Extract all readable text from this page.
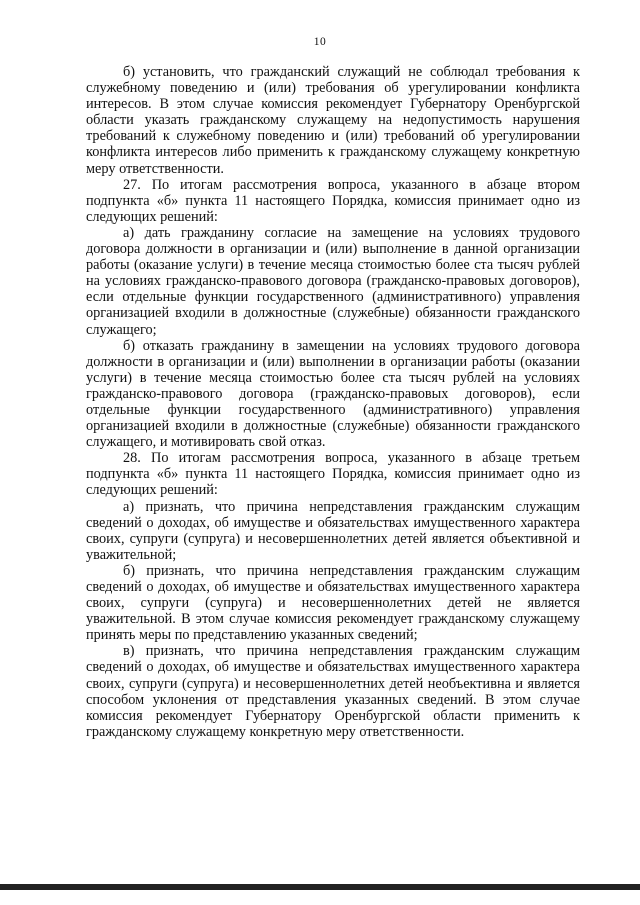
10

б) установить, что гражданский служащий не соблюдал требования к служебному поведению и (или) требования об урегулировании конфликта интересов. В этом случае комиссия рекомендует Губернатору Оренбургской области указать гражданскому служащему на недопустимость нарушения требований к служебному поведению и (или) требований об урегулировании конфликта интересов либо применить к гражданскому служащему конкретную меру ответственности.

27. По итогам рассмотрения вопроса, указанного в абзаце втором подпункта «б» пункта 11 настоящего Порядка, комиссия принимает одно из следующих решений:

а) дать гражданину согласие на замещение на условиях трудового договора должности в организации и (или) выполнение в данной организации работы (оказание услуги) в течение месяца стоимостью более ста тысяч рублей на условиях гражданско-правового договора (гражданско-правовых договоров), если отдельные функции государственного (административного) управления организацией входили в должностные (служебные) обязанности гражданского служащего;

б) отказать гражданину в замещении на условиях трудового договора должности в организации и (или) выполнении в организации работы (оказании услуги) в течение месяца стоимостью более ста тысяч рублей на условиях гражданско-правового договора (гражданско-правовых договоров), если отдельные функции государственного (административного) управления организацией входили в должностные (служебные) обязанности гражданского служащего, и мотивировать свой отказ.

28. По итогам рассмотрения вопроса, указанного в абзаце третьем подпункта «б» пункта 11 настоящего Порядка, комиссия принимает одно из следующих решений:

а) признать, что причина непредставления гражданским служащим сведений о доходах, об имуществе и обязательствах имущественного характера своих, супруги (супруга) и несовершеннолетних детей является объективной и уважительной;

б) признать, что причина непредставления гражданским служащим сведений о доходах, об имуществе и обязательствах имущественного характера своих, супруги (супруга) и несовершеннолетних детей не является уважительной. В этом случае комиссия рекомендует гражданскому служащему принять меры по представлению указанных сведений;

в) признать, что причина непредставления гражданским служащим сведений о доходах, об имуществе и обязательствах имущественного характера своих, супруги (супруга) и несовершеннолетних детей необъективна и является способом уклонения от представления указанных сведений. В этом случае комиссия рекомендует Губернатору Оренбургской области применить к гражданскому служащему конкретную меру ответственности.
